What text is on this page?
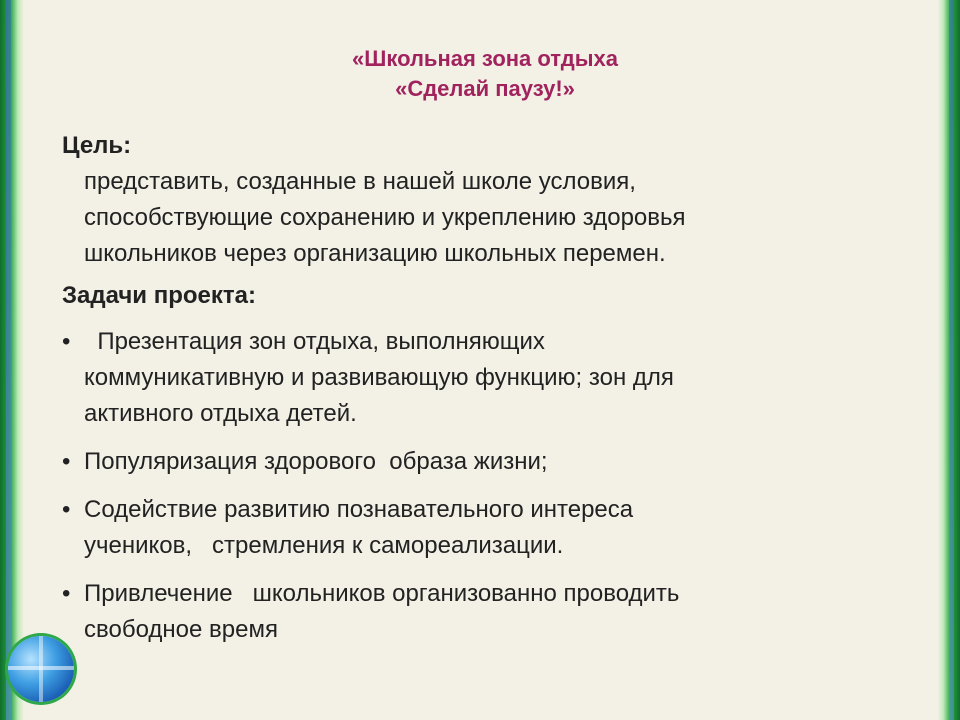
«Школьная зона отдыха
«Сделай паузу!»
Цель:
представить, созданные в нашей школе условия,
способствующие сохранению и укреплению здоровья
школьников через организацию школьных перемен.
Задачи проекта:
• Презентация зон отдыха, выполняющих
коммуникативную и развивающую функцию; зон для
активного отдыха детей.
• Популяризация здорового  образа жизни;
• Содействие развитию познавательного интереса
учеников,   стремления к самореализации.
• Привлечение   школьников организованно проводить
свободное время
